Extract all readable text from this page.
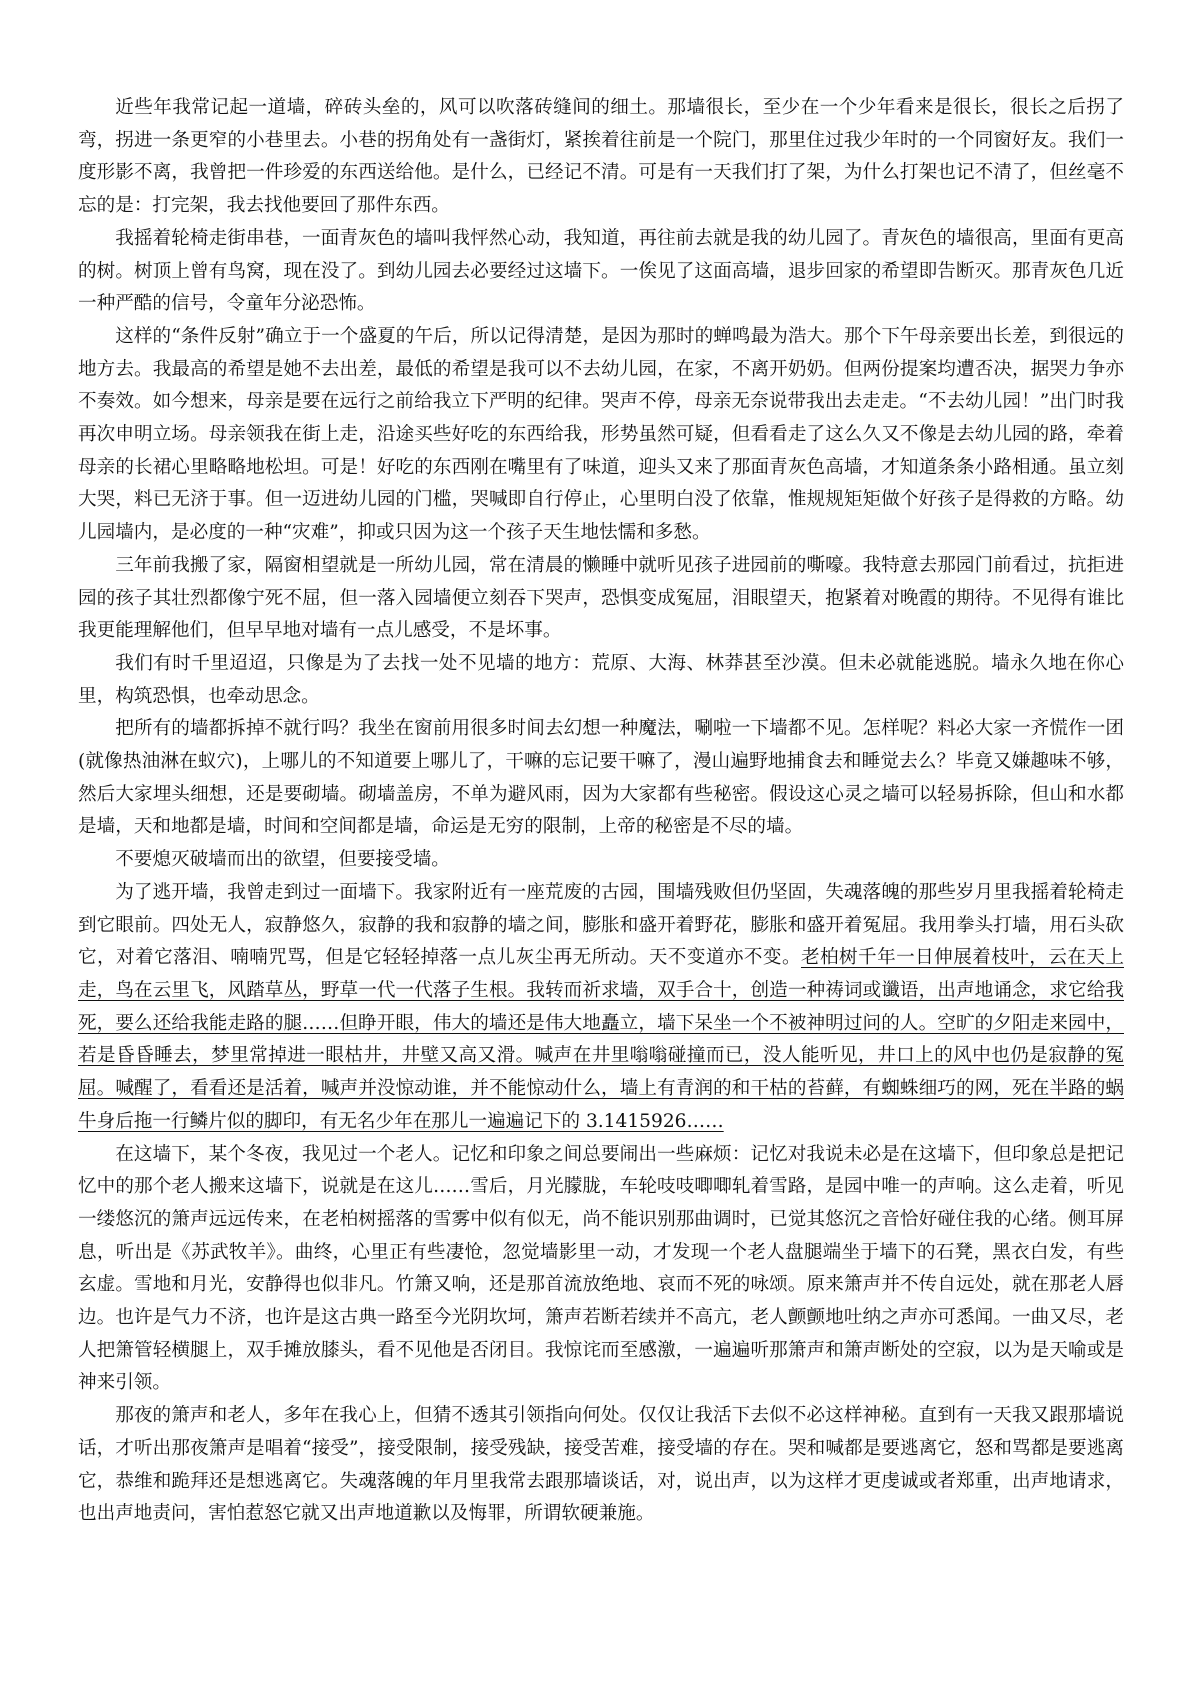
近些年我常记起一道墙，碎砖头垒的，风可以吹落砖缝间的细土。那墙很长，至少在一个少年看来是很长，很长之后拐了弯，拐进一条更窄的小巷里去。小巷的拐角处有一盏街灯，紧挨着往前是一个院门，那里住过我少年时的一个同窗好友。我们一度形影不离，我曾把一件珍爱的东西送给他。是什么，已经记不清。可是有一天我们打了架，为什么打架也记不清了，但丝毫不忘的是：打完架，我去找他要回了那件东西。

我摇着轮椅走街串巷，一面青灰色的墙叫我怦然心动，我知道，再往前去就是我的幼儿园了。青灰色的墙很高，里面有更高的树。树顶上曾有鸟窝，现在没了。到幼儿园去必要经过这墙下。一俟见了这面高墙，退步回家的希望即告断灭。那青灰色几近一种严酷的信号，令童年分泌恐怖。

这样的“条件反射”确立于一个盛夏的午后，所以记得清楚，是因为那时的蝉鸣最为浩大。那个下午母亲要出长差，到很远的地方去。我最高的希望是她不去出差，最低的希望是我可以不去幼儿园，在家，不离开奶奶。但两份提案均遭否决，据哭力争亦不奏效。如今想来，母亲是要在远行之前给我立下严明的纪律。哭声不停，母亲无奈说带我出去走走。“不去幼儿园！”出门时我再次申明立场。母亲领我在街上走，沿途买些好吃的东西给我，形势虽然可疑，但看看走了这么久又不像是去幼儿园的路，牵着母亲的长裙心里略略地松坦。可是！好吃的东西刚在嘴里有了味道，迎头又来了那面青灰色高墙，才知道条条小路相通。虽立刻大哭，料已无济于事。但一迈进幼儿园的门槛，哭喊即自行停止，心里明白没了依靠，惟规规矩矩做个好孩子是得救的方略。幼儿园墙内，是必度的一种“灾难”，抑或只因为这一个孩子天生地怯懦和多愁。

三年前我搬了家，隔窗相望就是一所幼儿园，常在清晨的懒睡中就听见孩子进园前的嘶嚎。我特意去那园门前看过，抗拒进园的孩子其壮烈都像宁死不屈，但一落入园墙便立刻吞下哭声，恐惧变成冤屈，泪眼望天，抱紧着对晚霞的期待。不见得有谁比我更能理解他们，但早早地对墙有一点儿感受，不是坏事。

我们有时千里迢迢，只像是为了去找一处不见墙的地方：荒原、大海、林莽甚至沙漠。但未必就能逃脱。墙永久地在你心里，构筑恐惧，也牵动思念。

把所有的墙都拆掉不就行吗？我坐在窗前用很多时间去幻想一种魔法，唰啦一下墙都不见。怎样呢？料必大家一齐慌作一团(就像热油淋在蚁穴)，上哪儿的不知道要上哪儿了，干嘛的忘记要干嘛了，漫山遍野地捕食去和睡觉去么？毕竟又嫌趣味不够，然后大家埋头细想，还是要砌墙。砌墙盖房，不单为避风雨，因为大家都有些秘密。假设这心灵之墙可以轻易拆除，但山和水都是墙，天和地都是墙，时间和空间都是墙，命运是无穷的限制，上帝的秘密是不尽的墙。

不要熄灭破墙而出的欲望，但要接受墙。

为了逃开墙，我曾走到过一面墙下。我家附近有一座荒废的古园，围墙残败但仍坚固，失魂落魄的那些岁月里我摇着轮椅走到它眼前。四处无人，寂静悠久，寂静的我和寂静的墙之间，膨胀和盛开着野花，膨胀和盛开着冤屈。我用拳头打墙，用石头砍它，对着它落泪、喃喃咒骂，但是它轻轻掉落一点儿灰尘再无所动。天不变道亦不变。老柏树千年一日伸展着枝叶，云在天上走，鸟在云里飞，风踏草丛，野草一代一代落子生根。我转而祈求墙，双手合十，创造一种祷词或谶语，出声地诵念，求它给我死，要么还给我能走路的腿……但睁开眼，伟大的墙还是伟大地矗立，墙下呆坐一个不被神明过问的人。空旷的夕阳走来园中，若是昏昏睡去，梦里常掉进一眼枯井，井壁又高又滑。喊声在井里嗡嗡碰撞而已，没人能听见，井口上的风中也仍是寂静的冤屈。喊醒了，看看还是活着，喊声并没惊动谁，并不能惊动什么，墙上有青润的和干枯的苔藓，有蜘蛛细巧的网，死在半路的蜗牛身后拖一行鳞片似的脚印，有无名少年在那儿一遍遍记下的 3.1415926……

在这墙下，某个冬夜，我见过一个老人。记忆和印象之间总要闹出一些麻烦：记忆对我说未必是在这墙下，但印象总是把记忆中的那个老人搬来这墙下，说就是在这儿……雪后，月光朦胧，车轮吱吱唧唧轧着雪路，是园中唯一的声响。这么走着，听见一缕悠沉的箫声远远传来，在老柏树摇落的雪雾中似有似无，尚不能识别那曲调时，已觉其悠沉之音恰好碰住我的心绪。侧耳屏息，听出是《苏武牧羊》。曲终，心里正有些凄怆，忽觉墙影里一动，才发现一个老人盘腿端坐于墙下的石凳，黑衣白发，有些玄虚。雪地和月光，安静得也似非凡。竹箫又响，还是那首流放绝地、哀而不死的咏颂。原来箫声并不传自远处，就在那老人唇边。也许是气力不济，也许是这古典一路至今光阴坎坷，箫声若断若续并不高亢，老人颤颤地吐纳之声亦可悉闻。一曲又尽，老人把箫管轻横腿上，双手摊放膝头，看不见他是否闭目。我惊诧而至感激，一遍遍听那箫声和箫声断处的空寂，以为是天喻或是神来引领。

那夜的箫声和老人，多年在我心上，但猜不透其引领指向何处。仅仅让我活下去似不必这样神秘。直到有一天我又跟那墙说话，才听出那夜箫声是唱着“接受”，接受限制，接受残缺，接受苦难，接受墙的存在。哭和喊都是要逃离它，怒和骂都是要逃离它，恭维和跪拜还是想逃离它。失魂落魄的年月里我常去跟那墙谈话，对，说出声，以为这样才更虔诚或者郑重，出声地请求，也出声地责问，害怕惹怒它就又出声地道歉以及悔罪，所谓软硬兼施。
